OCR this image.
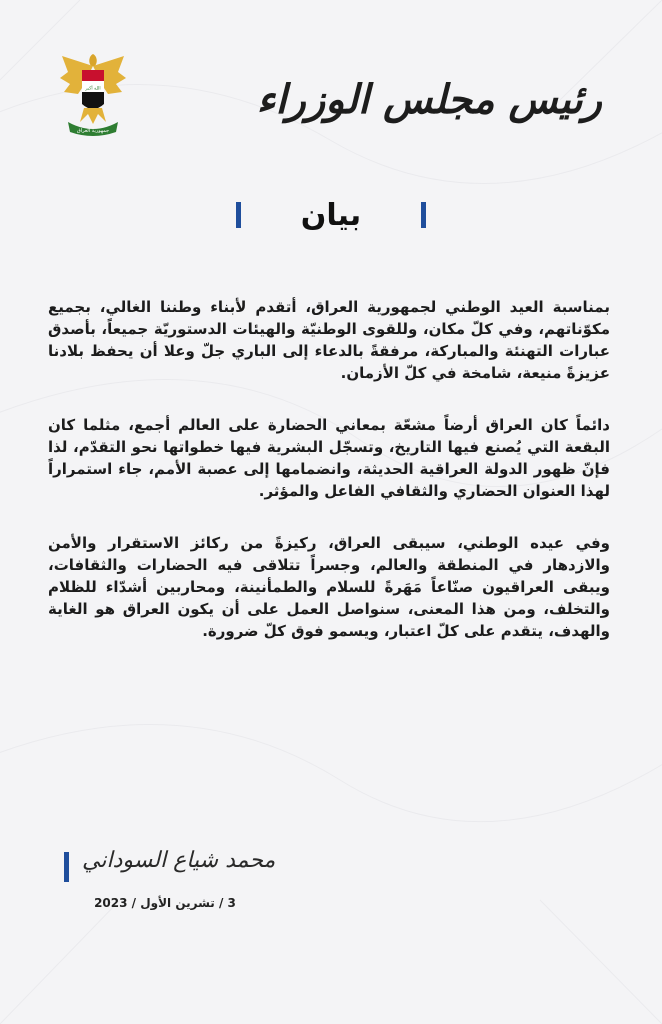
الله أكبر
جمهورية العراق
رئيس مجلس الوزراء
بيان

بمناسبة العيد الوطني لجمهورية العراق، أتقدم لأبناء وطننا الغالي، بجميع مكوّناتهم، وفي كلّ مكان، وللقوى الوطنيّة والهيئات الدستوريّة جميعاً، بأصدق عبارات التهنئة والمباركة، مرفقةً بالدعاء إلى الباري جلّ وعلا أن يحفظ بلادنا عزيزةً منيعة، شامخة في كلّ الأزمان.

دائماً كان العراق أرضاً مشعّة بمعاني الحضارة على العالم أجمع، مثلما كان البقعة التي يُصنع فيها التاريخ، وتسجّل البشرية فيها خطواتها نحو التقدّم، لذا فإنّ ظهور الدولة العراقية الحديثة، وانضمامها إلى عصبة الأمم، جاء استمراراً لهذا العنوان الحضاري والثقافي الفاعل والمؤثر.

وفي عيده الوطني، سيبقى العراق، ركيزةً من ركائز الاستقرار والأمن والازدهار في المنطقة والعالم، وجسراً تتلاقى فيه الحضارات والثقافات، ويبقى العراقيون صنّاعاً مَهَرةً للسلام والطمأنينة، ومحاربين أشدّاء للظلام والتخلف، ومن هذا المعنى، سنواصل العمل على أن يكون العراق هو الغاية والهدف، يتقدم على كلّ اعتبار، ويسمو فوق كلّ ضرورة.

محمد شياع السوداني
3 / تشرين الأول / 2023
